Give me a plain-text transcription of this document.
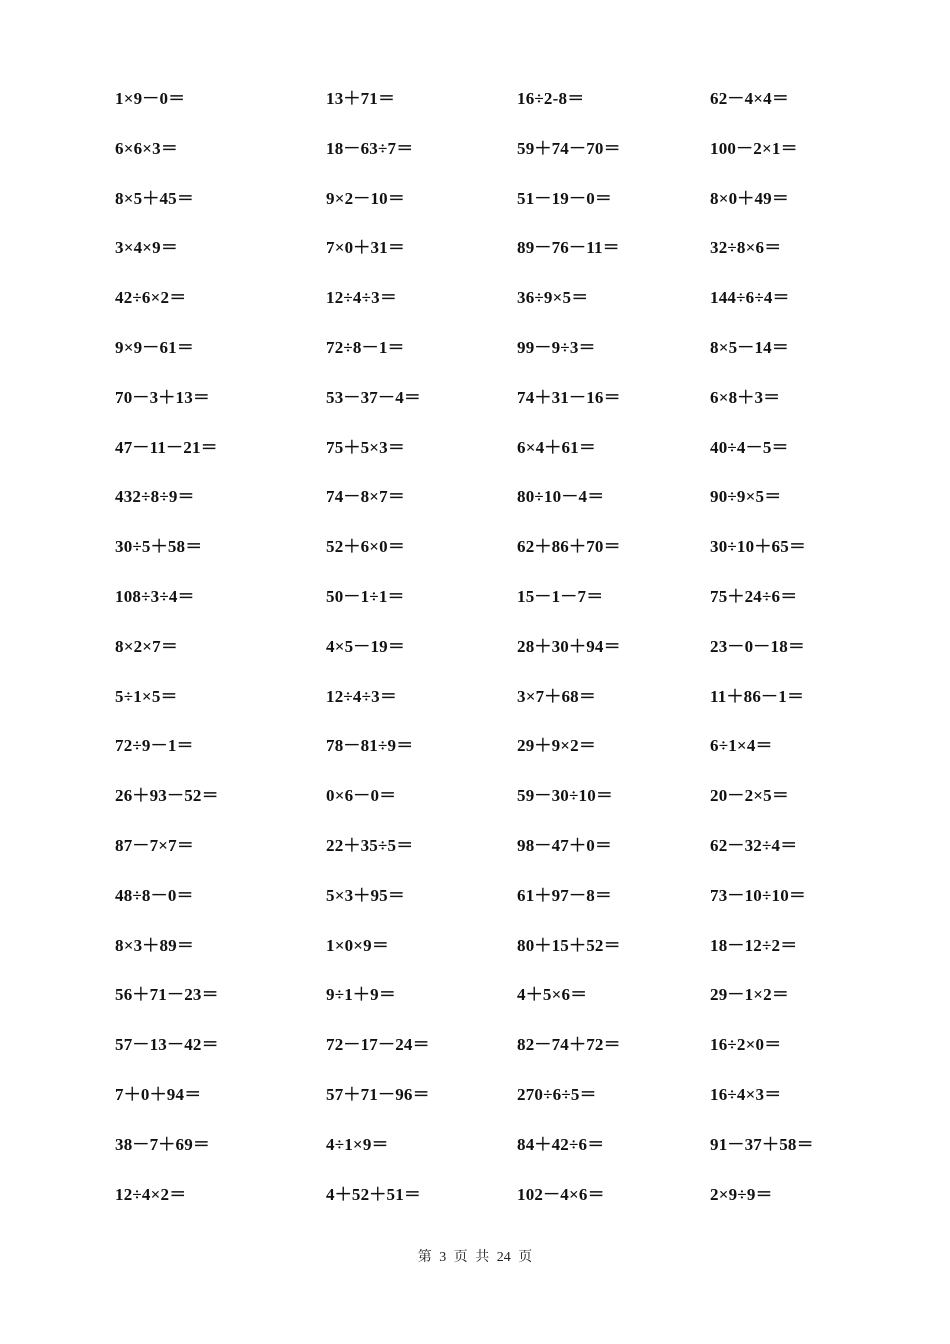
1×9－0＝	13＋71＝	16÷2-8＝	62－4×4＝
6×6×3＝	18－63÷7＝	59＋74－70＝	100－2×1＝
8×5＋45＝	9×2－10＝	51－19－0＝	8×0＋49＝
3×4×9＝	7×0＋31＝	89－76－11＝	32÷8×6＝
42÷6×2＝	12÷4÷3＝	36÷9×5＝	144÷6÷4＝
9×9－61＝	72÷8－1＝	99－9÷3＝	8×5－14＝
70－3＋13＝	53－37－4＝	74＋31－16＝	6×8＋3＝
47－11－21＝	75＋5×3＝	6×4＋61＝	40÷4－5＝
432÷8÷9＝	74－8×7＝	80÷10－4＝	90÷9×5＝
30÷5＋58＝	52＋6×0＝	62＋86＋70＝	30÷10＋65＝
108÷3÷4＝	50－1÷1＝	15－1－7＝	75＋24÷6＝
8×2×7＝	4×5－19＝	28＋30＋94＝	23－0－18＝
5÷1×5＝	12÷4÷3＝	3×7＋68＝	11＋86－1＝
72÷9－1＝	78－81÷9＝	29＋9×2＝	6÷1×4＝
26＋93－52＝	0×6－0＝	59－30÷10＝	20－2×5＝
87－7×7＝	22＋35÷5＝	98－47＋0＝	62－32÷4＝
48÷8－0＝	5×3＋95＝	61＋97－8＝	73－10÷10＝
8×3＋89＝	1×0×9＝	80＋15＋52＝	18－12÷2＝
56＋71－23＝	9÷1＋9＝	4＋5×6＝	29－1×2＝
57－13－42＝	72－17－24＝	82－74＋72＝	16÷2×0＝
7＋0＋94＝	57＋71－96＝	270÷6÷5＝	16÷4×3＝
38－7＋69＝	4÷1×9＝	84＋42÷6＝	91－37＋58＝
12÷4×2＝	4＋52＋51＝	102－4×6＝	2×9÷9＝
第 3 页 共 24 页
